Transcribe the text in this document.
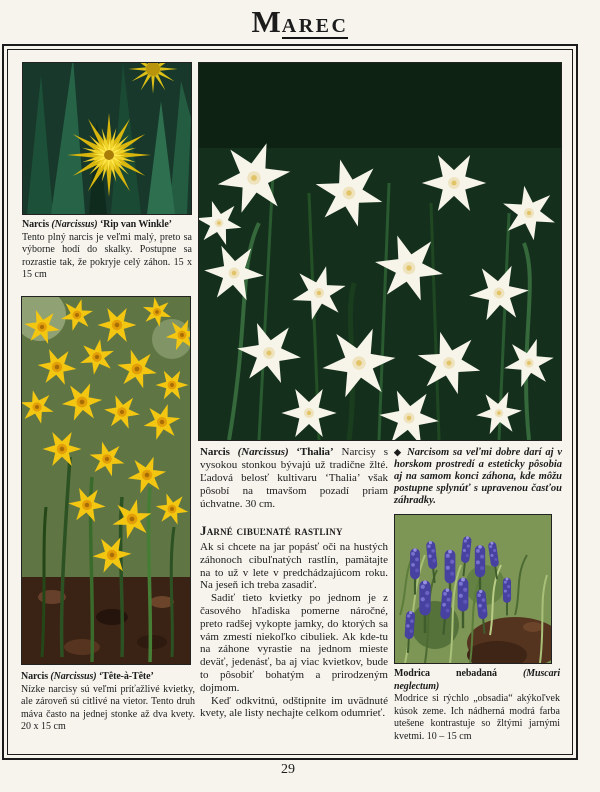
MAREC
Narcis (Narcissus) ‘Rip van Winkle’
Tento plný narcis je veľmi malý, preto sa výborne hodí do skalky. Postupne sa rozrastie tak, že pokryje celý záhon. 15 x 15 cm
Narcis (Narcissus) ‘Tête-à-Tête’
Nízke narcisy sú veľmi príťažlivé kvietky, ale zároveň sú citlivé na vietor. Tento druh máva často na jednej stonke až dva kvety. 20 x 15 cm
Narcis (Narcissus) ‘Thalia’ Narcisy s vysokou stonkou bývajú už tradične žlté. Ľadová belosť kultivaru ‘Thalia’ však pôsobí na tmavšom pozadí priam úchvatne. 30 cm.
◆ Narcisom sa veľmi dobre darí aj v horskom prostredí a esteticky pôsobia aj na samom konci záhona, kde môžu postupne splynúť s upravenou časťou záhradky.
Jarné cibuľnaté rastliny

Ak si chcete na jar popásť oči na hustých záhonoch cibuľnatých rastlín, pamätajte na to už v lete v predchádzajúcom roku. Na jeseň ich treba zasadiť.

Sadiť tieto kvietky po jednom je z časového hľadiska pomerne náročné, preto radšej vykopte jamky, do ktorých sa vám zmestí niekoľko cibuliek. Ak kde-tu na záhone vyrastie na jednom mieste deväť, jedenásť, ba aj viac kvietkov, bude to pôsobiť bohatým a prirodzeným dojmom.

Keď odkvitnú, odštipnite im uvädnuté kvety, ale listy nechajte celkom odumrieť.

Modrica nebadaná	(Muscari neglectum)
Modrice si rýchlo „obsadia“ akýkoľvek kúsok zeme. Ich nádherná modrá farba utešene kontrastuje so žltými jarnými kvetmi. 10 – 15 cm
29
